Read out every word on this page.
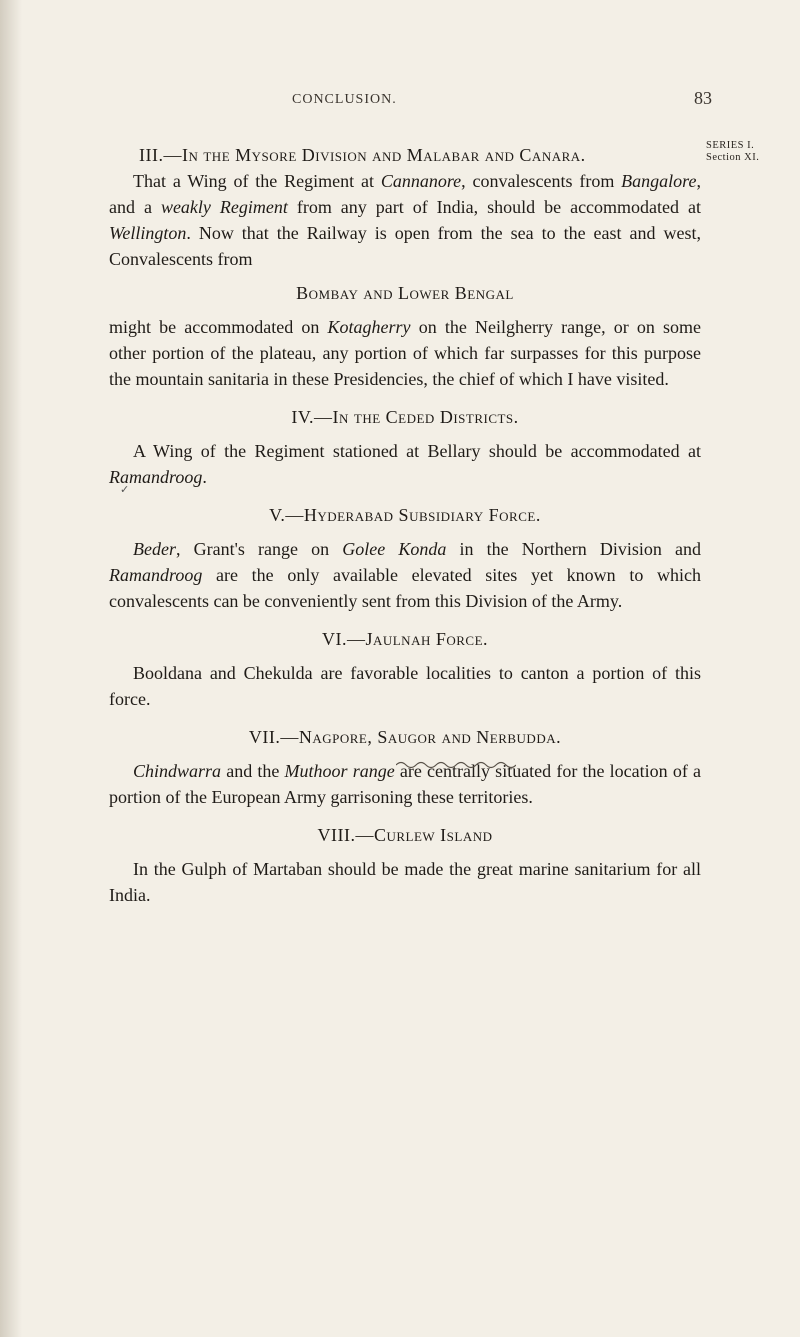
CONCLUSION.	83
SERIES I.
Section XI.
✓

III.—In the Mysore Division and Malabar and Canara.

That a Wing of the Regiment at Cannanore, convalescents from Bangalore, and a weakly Regiment from any part of India, should be accommodated at Wellington. Now that the Railway is open from the sea to the east and west, Convalescents from

Bombay and Lower Bengal

might be accommodated on Kotagherry on the Neilgherry range, or on some other portion of the plateau, any portion of which far surpasses for this purpose the mountain sanitaria in these Presidencies, the chief of which I have visited.

IV.—In the Ceded Districts.

A Wing of the Regiment stationed at Bellary should be accommodated at Ramandroog.

V.—Hyderabad Subsidiary Force.

Beder, Grant's range on Golee Konda in the Northern Division and Ramandroog are the only available elevated sites yet known to which convalescents can be conveniently sent from this Division of the Army.

VI.—Jaulnah Force.

Booldana and Chekulda are favorable localities to canton a portion of this force.

VII.—Nagpore, Saugor and Nerbudda.

Chindwarra and the Muthoor range are centrally situated for the location of a portion of the European Army garrisoning these territories.

VIII.—Curlew Island

In the Gulph of Martaban should be made the great marine sanitarium for all India.
